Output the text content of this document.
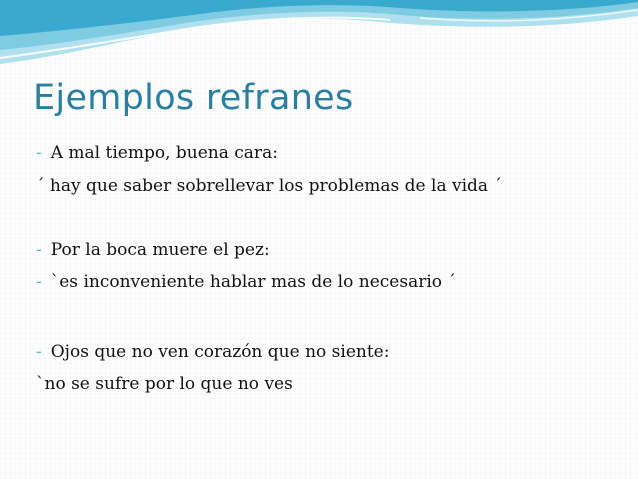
Ejemplos refranes
- A mal tiempo, buena cara:
´ hay que saber sobrellevar los problemas de la vida ´
- Por la boca muere el pez:
- `es inconveniente hablar mas de lo necesario ´
- Ojos que no ven corazón que no siente:
`no se sufre por lo que no ves
